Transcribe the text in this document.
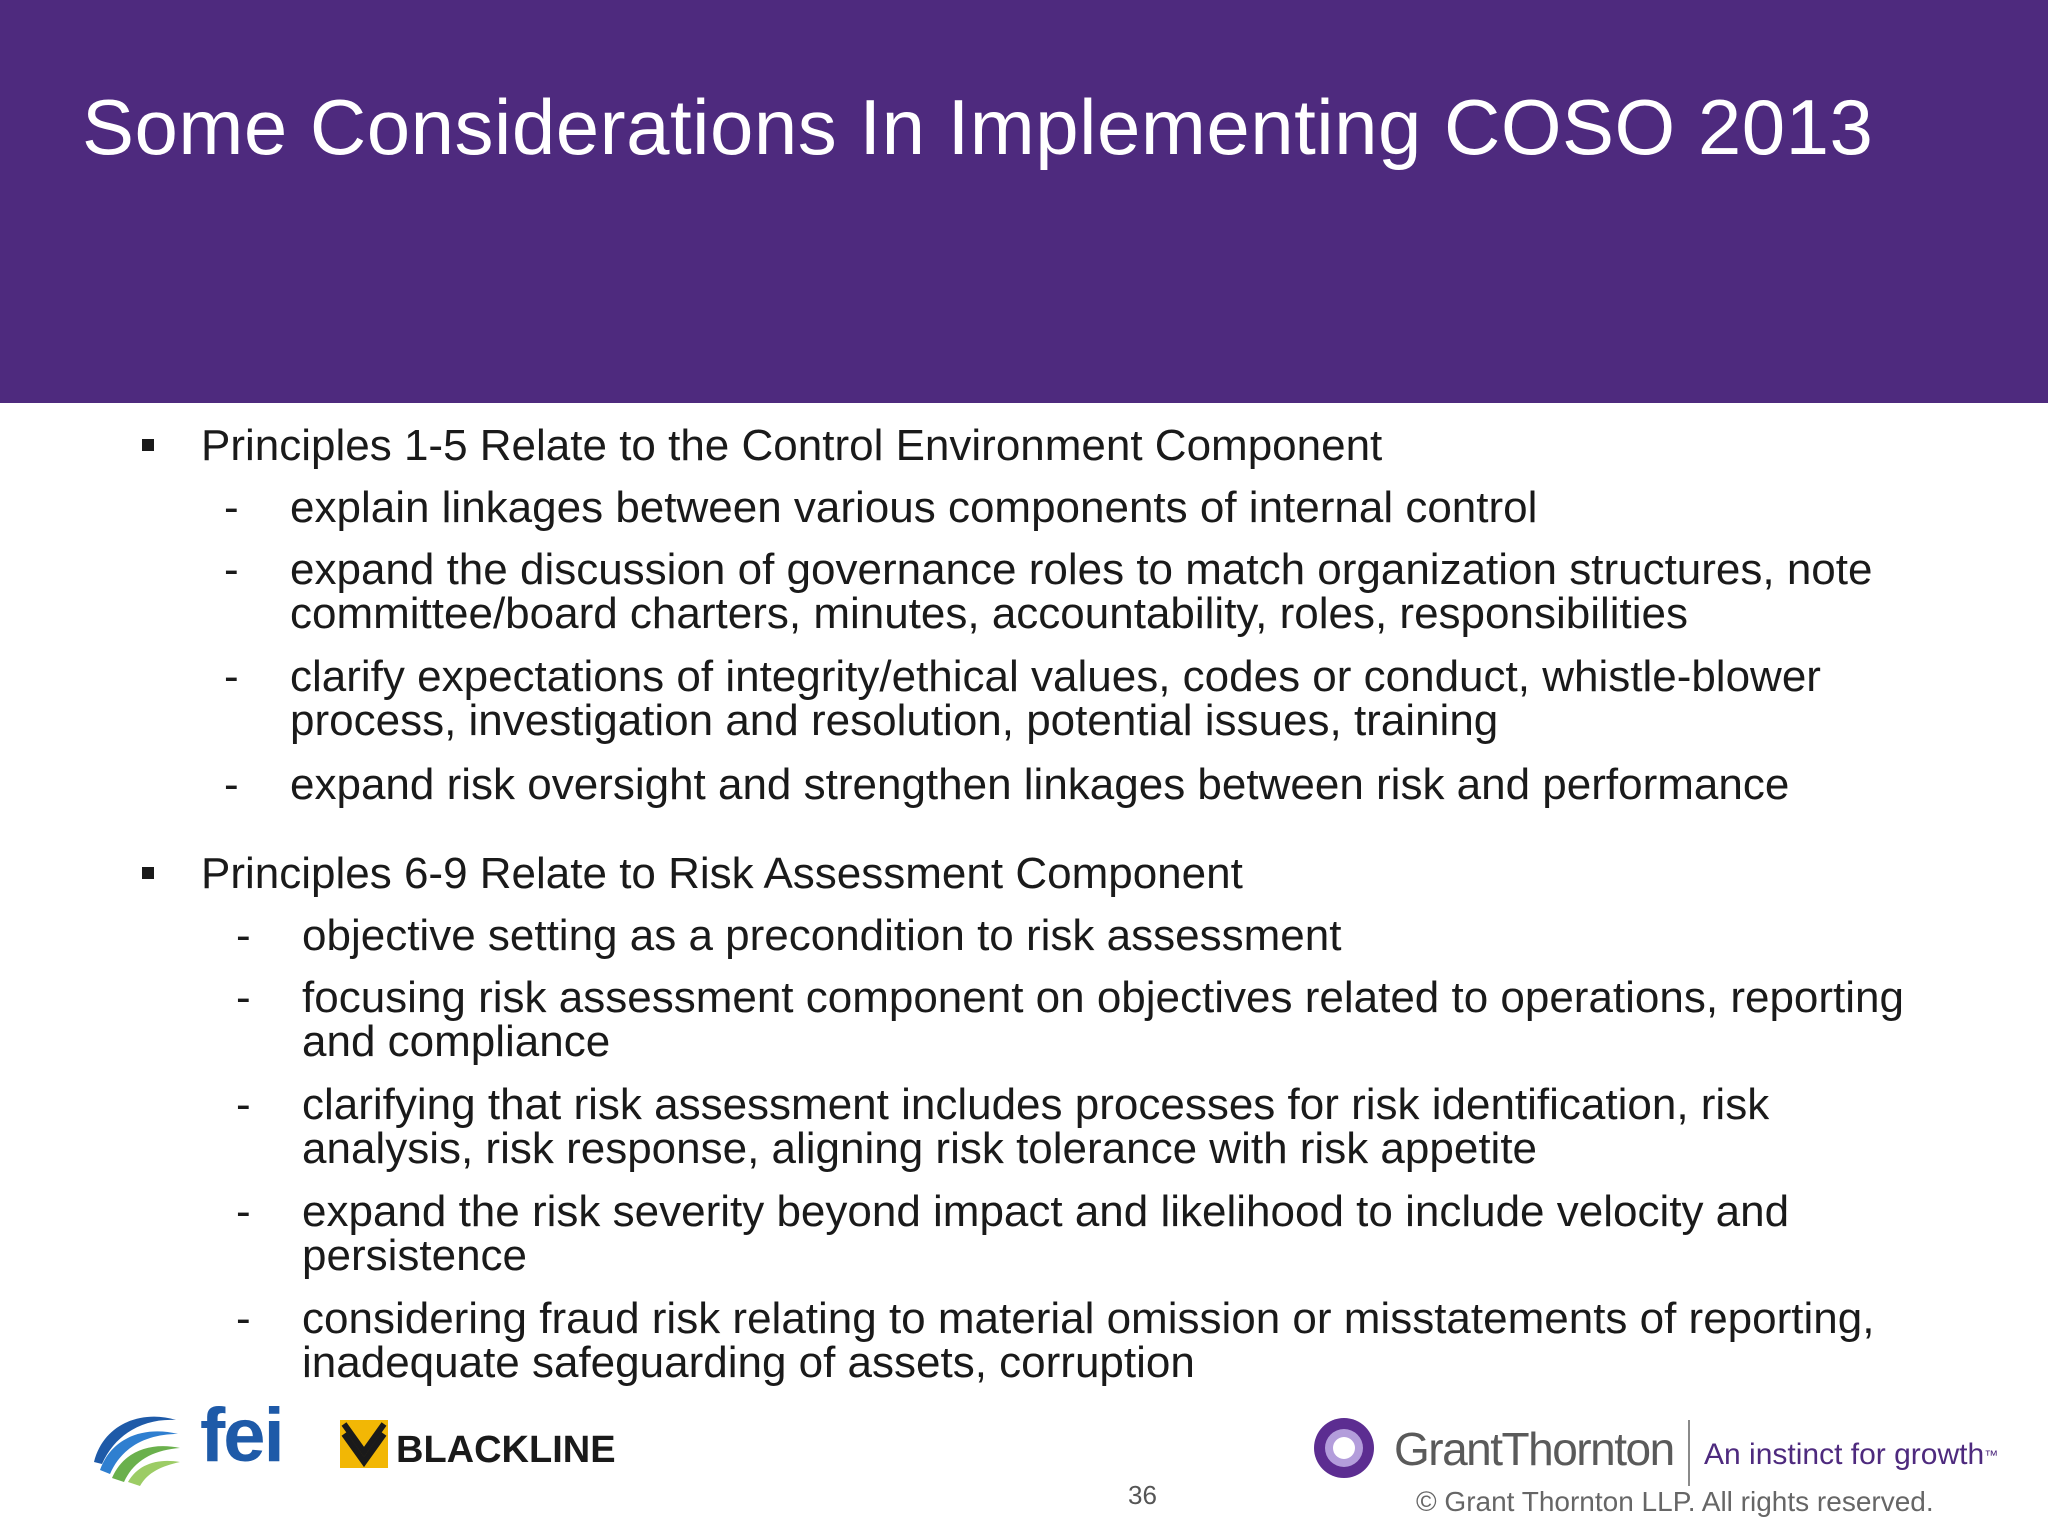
Some Considerations In Implementing COSO 2013
Principles 1-5 Relate to the Control Environment Component
- explain linkages between various components of internal control
- expand the discussion of governance roles to match organization structures, note
committee/board charters, minutes, accountability, roles, responsibilities
- clarify expectations of integrity/ethical values, codes or conduct, whistle-blower
process, investigation and resolution, potential issues, training
- expand risk oversight and strengthen linkages between risk and performance
Principles 6-9 Relate to Risk Assessment Component
- objective setting as a precondition to risk assessment
- focusing risk assessment component on objectives related to operations, reporting
and compliance
- clarifying that risk assessment includes processes for risk identification, risk
analysis, risk response, aligning risk tolerance with risk appetite
- expand the risk severity beyond impact and likelihood to include velocity and
persistence
- considering fraud risk relating to material omission or misstatements of reporting,
inadequate safeguarding of assets, corruption
fei	BLACKLINE	GrantThornton An instinct for growth™
36	© Grant Thornton LLP. All rights reserved.
